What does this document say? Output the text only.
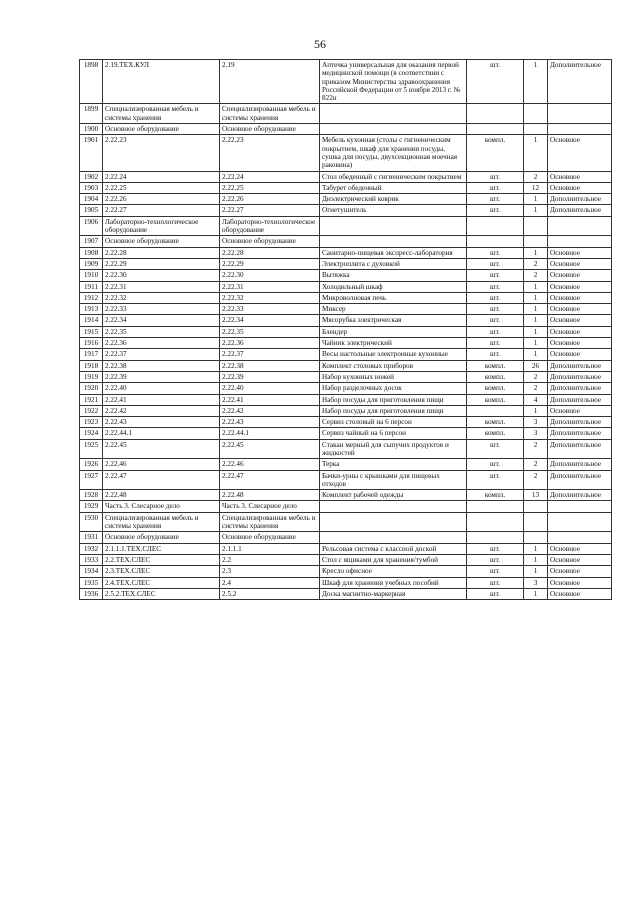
56
1898	2.19.ТЕХ.КУЛ	2.19	Аптечка универсальная для оказания первой медицинской помощи (в соответствии с приказом Министерства здравоохранения Российской Федерации от 5 ноября 2013 г. № 822н	шт.	1	Дополнительное
1899	Специализированная мебель и системы хранения	Специализированная мебель и системы хранения				
1900	Основное оборудование	Основное оборудование				
1901	2.22.23	2.22.23	Мебель кухонная (столы с гигиеническим покрытием, шкаф для хранения посуды, сушка для посуды, двухсекционная моечная раковина)	компл.	1	Основное
1902	2.22.24	2.22.24	Стол обеденный с гигиеническим покрытием	шт.	2	Основное
1903	2.22.25	2.22.25	Табурет обеденный	шт.	12	Основное
1904	2.22.26	2.22.26	Диэлектрический коврик	шт.	1	Дополнительное
1905	2.22.27	2.22.27	Огнетушитель	шт.	1	Дополнительное
1906	Лабораторно-технологическое оборудование	Лабораторно-технологическое оборудование				
1907	Основное оборудование	Основное оборудование				
1908	2.22.28	2.22.28	Санитарно-пищевая экспресс-лаборатория	шт.	1	Основное
1909	2.22.29	2.22.29	Электроплита с духовкой	шт.	2	Основное
1910	2.22.30	2.22.30	Вытяжка	шт.	2	Основное
1911	2.22.31	2.22.31	Холодильный шкаф	шт.	1	Основное
1912	2.22.32	2.22.32	Микроволновая печь	шт.	1	Основное
1913	2.22.33	2.22.33	Миксер	шт.	1	Основное
1914	2.22.34	2.22.34	Мясорубка электрическая	шт.	1	Основное
1915	2.22.35	2.22.35	Блендер	шт.	1	Основное
1916	2.22.36	2.22.36	Чайник электрический	шт.	1	Основное
1917	2.22.37	2.22.37	Весы настольные электронные кухонные	шт.	1	Основное
1918	2.22.38	2.22.38	Комплект столовых приборов	компл.	26	Дополнительное
1919	2.22.39	2.22.39	Набор кухонных ножей	компл.	2	Дополнительное
1920	2.22.40	2.22.40	Набор разделочных досок	компл.	2	Дополнительное
1921	2.22.41	2.22.41	Набор посуды для приготовления пищи	компл.	4	Дополнительное
1922	2.22.42	2.22.42	Набор посуды для приготовления пищи		1	Основное
1923	2.22.43	2.22.43	Сервиз столовый на 6 персон	компл.	3	Дополнительное
1924	2.22.44.1	2.22.44.1	Сервиз чайный на 6 персон	компл.	3	Дополнительное
1925	2.22.45	2.22.45	Стакан мерный для сыпучих продуктов и жидкостей	шт.	2	Дополнительное
1926	2.22.46	2.22.46	Терка	шт.	2	Дополнительное
1927	2.22.47	2.22.47	Бачки-урны с крышками для пищевых отходов	шт.	2	Дополнительное
1928	2.22.48	2.22.48	Комплект рабочей одежды	компл.	13	Дополнительное
1929	Часть 3. Слесарное дело	Часть 3. Слесарное дело				
1930	Специализированная мебель и системы хранения	Специализированная мебель и системы хранения				
1931	Основное оборудование	Основное оборудование				
1932	2.1.1.1.ТЕХ.СЛЕС	2.1.1.1	Рельсовая система с классной доской	шт.	1	Основное
1933	2.2.ТЕХ.СЛЕС	2.2	Стол с ящиками для хранения/тумбой	шт.	1	Основное
1934	2.3.ТЕХ.СЛЕС	2.3	Кресло офисное	шт.	1	Основное
1935	2.4.ТЕХ.СЛЕС	2.4	Шкаф для хранения учебных пособий	шт.	3	Основное
1936	2.5.2.ТЕХ.СЛЕС	2.5.2	Доска магнитно-маркерная	шт.	1	Основное
